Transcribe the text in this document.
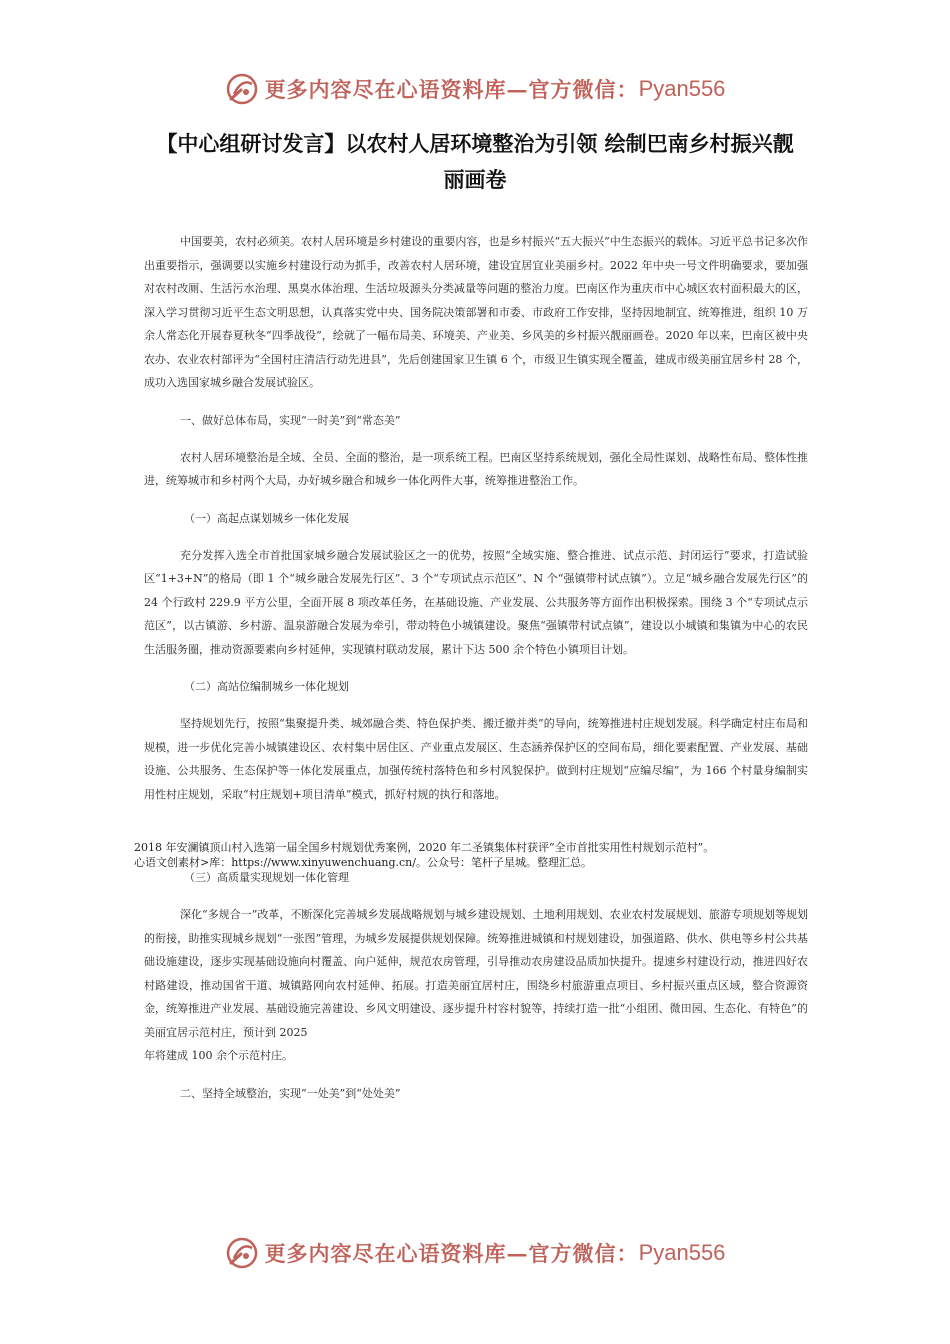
更多内容尽在心语资料库—官方微信： Pyan556
【中心组研讨发言】以农村人居环境整治为引领 绘制巴南乡村振兴靓丽画卷

中国要美，农村必须美。农村人居环境是乡村建设的重要内容，也是乡村振兴“五大振兴”中生态振兴的载体。习近平总书记多次作出重要指示，强调要以实施乡村建设行动为抓手，改善农村人居环境，建设宜居宜业美丽乡村。2022 年中央一号文件明确要求，要加强对农村改厕、生活污水治理、黑臭水体治理、生活垃圾源头分类减量等问题的整治力度。巴南区作为重庆市中心城区农村面积最大的区，深入学习贯彻习近平生态文明思想，认真落实党中央、国务院决策部署和市委、市政府工作安排，坚持因地制宜、统筹推进，组织 10 万余人常态化开展春夏秋冬“四季战役”，绘就了一幅布局美、环境美、产业美、乡风美的乡村振兴靓丽画卷。2020 年以来，巴南区被中央农办、农业农村部评为“全国村庄清洁行动先进县”，先后创建国家卫生镇 6 个，市级卫生镇实现全覆盖，建成市级美丽宜居乡村 28 个，成功入选国家城乡融合发展试验区。

一、做好总体布局，实现“一时美”到“常态美”

农村人居环境整治是全域、全员、全面的整治，是一项系统工程。巴南区坚持系统规划，强化全局性谋划、战略性布局、整体性推进，统筹城市和乡村两个大局，办好城乡融合和城乡一体化两件大事，统筹推进整治工作。

（一）高起点谋划城乡一体化发展

充分发挥入选全市首批国家城乡融合发展试验区之一的优势，按照“全域实施、整合推进、试点示范、封闭运行”要求，打造试验区“1+3+N”的格局（即 1 个“城乡融合发展先行区”、3 个“专项试点示范区”、N 个“强镇带村试点镇”）。立足“城乡融合发展先行区”的 24 个行政村 229.9 平方公里，全面开展 8 项改革任务，在基础设施、产业发展、公共服务等方面作出积极探索。围绕 3 个“专项试点示范区”，以古镇游、乡村游、温泉游融合发展为牵引，带动特色小城镇建设。聚焦“强镇带村试点镇”，建设以小城镇和集镇为中心的农民生活服务圈，推动资源要素向乡村延伸，实现镇村联动发展，累计下达 500 余个特色小镇项目计划。

（二）高站位编制城乡一体化规划

坚持规划先行，按照“集聚提升类、城郊融合类、特色保护类、搬迁撤并类”的导向，统筹推进村庄规划发展。科学确定村庄布局和规模，进一步优化完善小城镇建设区、农村集中居住区、产业重点发展区、生态涵养保护区的空间布局，细化要素配置、产业发展、基础设施、公共服务、生态保护等一体化发展重点，加强传统村落特色和乡村风貌保护。做到村庄规划“应编尽编”，为 166 个村量身编制实用性村庄规划，采取“村庄规划+项目清单”模式，抓好村规的执行和落地。

2018 年安澜镇顶山村入选第一届全国乡村规划优秀案例，2020 年二圣镇集体村获评“全市首批实用性村规划示范村”。
心语文创素材>库：https://www.xinyuwenchuang.cn/。公众号：笔杆子星城。整理汇总。

（三）高质量实现规划一体化管理

深化“多规合一”改革，不断深化完善城乡发展战略规划与城乡建设规划、土地利用规划、农业农村发展规划、旅游专项规划等规划的衔接，助推实现城乡规划“一张图”管理，为城乡发展提供规划保障。统筹推进城镇和村规划建设，加强道路、供水、供电等乡村公共基础设施建设，逐步实现基础设施向村覆盖、向户延伸，规范农房管理，引导推动农房建设品质加快提升。提速乡村建设行动，推进四好农村路建设，推动国省干道、城镇路网向农村延伸、拓展。打造美丽宜居村庄，围绕乡村旅游重点项目、乡村振兴重点区域，整合资源资金，统筹推进产业发展、基础设施完善建设、乡风文明建设、逐步提升村容村貌等，持续打造一批“小组团、微田园、生态化、有特色”的美丽宜居示范村庄，预计到 2025

年将建成 100 余个示范村庄。

二、坚持全域整治，实现“一处美”到“处处美”

更多内容尽在心语资料库—官方微信： Pyan556
